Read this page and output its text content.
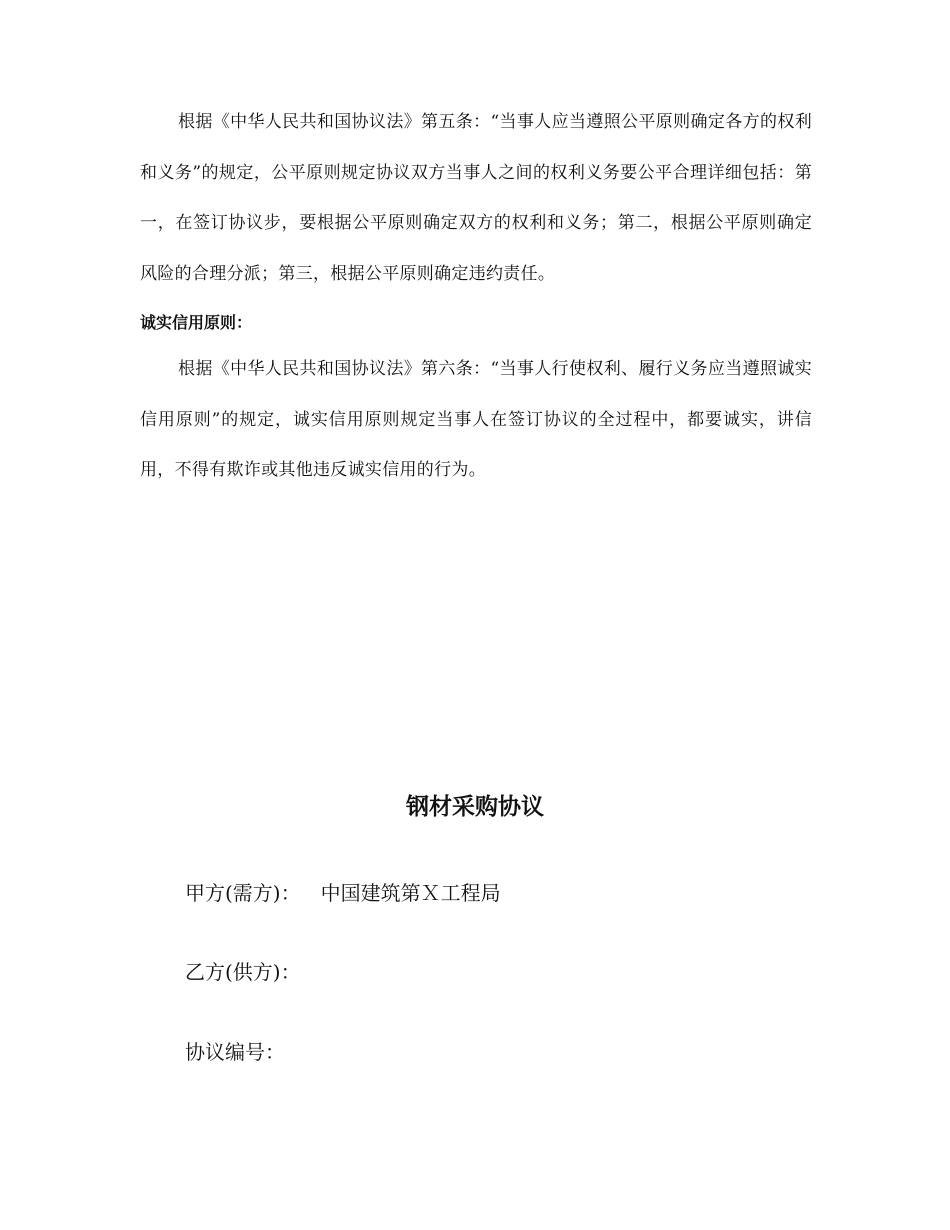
根据《中华人民共和国协议法》第五条：“当事人应当遵照公平原则确定各方的权利和义务”的规定，公平原则规定协议双方当事人之间的权利义务要公平合理详细包括：第一，在签订协议步，要根据公平原则确定双方的权利和义务；第二，根据公平原则确定风险的合理分派；第三，根据公平原则确定违约责任。

诚实信用原则：

根据《中华人民共和国协议法》第六条：“当事人行使权利、履行义务应当遵照诚实信用原则”的规定，诚实信用原则规定当事人在签订协议的全过程中，都要诚实，讲信用，不得有欺诈或其他违反诚实信用的行为。

钢材采购协议
甲方(需方)： 中国建筑第Ｘ工程局
乙方(供方)：
协议编号：
